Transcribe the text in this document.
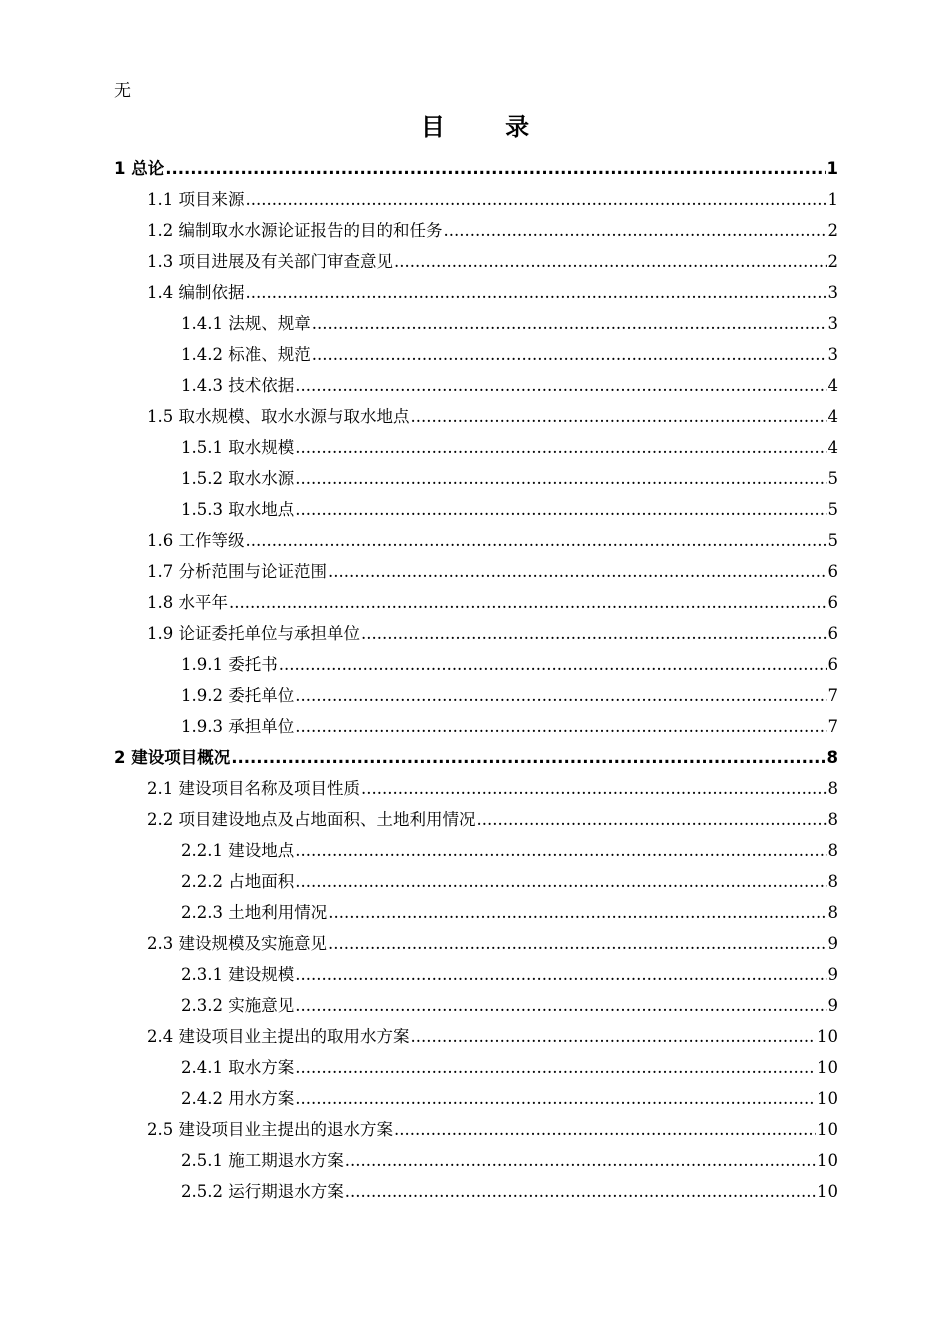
无
目 录
1 总论 .....	1
1.1 项目来源 .....	1
1.2 编制取水水源论证报告的目的和任务 .....	2
1.3 项目进展及有关部门审查意见 .....	2
1.4 编制依据 .....	3
1.4.1 法规、规章 .....	3
1.4.2 标准、规范 .....	3
1.4.3 技术依据 .....	4
1.5 取水规模、取水水源与取水地点 .....	4
1.5.1 取水规模 .....	4
1.5.2 取水水源 .....	5
1.5.3 取水地点 .....	5
1.6 工作等级 .....	5
1.7 分析范围与论证范围 .....	6
1.8 水平年 .....	6
1.9 论证委托单位与承担单位 .....	6
1.9.1 委托书 .....	6
1.9.2 委托单位 .....	7
1.9.3 承担单位 .....	7
2 建设项目概况 .....	8
2.1 建设项目名称及项目性质 .....	8
2.2 项目建设地点及占地面积、土地利用情况 .....	8
2.2.1 建设地点 .....	8
2.2.2 占地面积 .....	8
2.2.3 土地利用情况 .....	8
2.3 建设规模及实施意见 .....	9
2.3.1 建设规模 .....	9
2.3.2 实施意见 .....	9
2.4 建设项目业主提出的取用水方案 .....	10
2.4.1 取水方案 .....	10
2.4.2 用水方案 .....	10
2.5 建设项目业主提出的退水方案 .....	10
2.5.1 施工期退水方案 .....	10
2.5.2 运行期退水方案 .....	10
